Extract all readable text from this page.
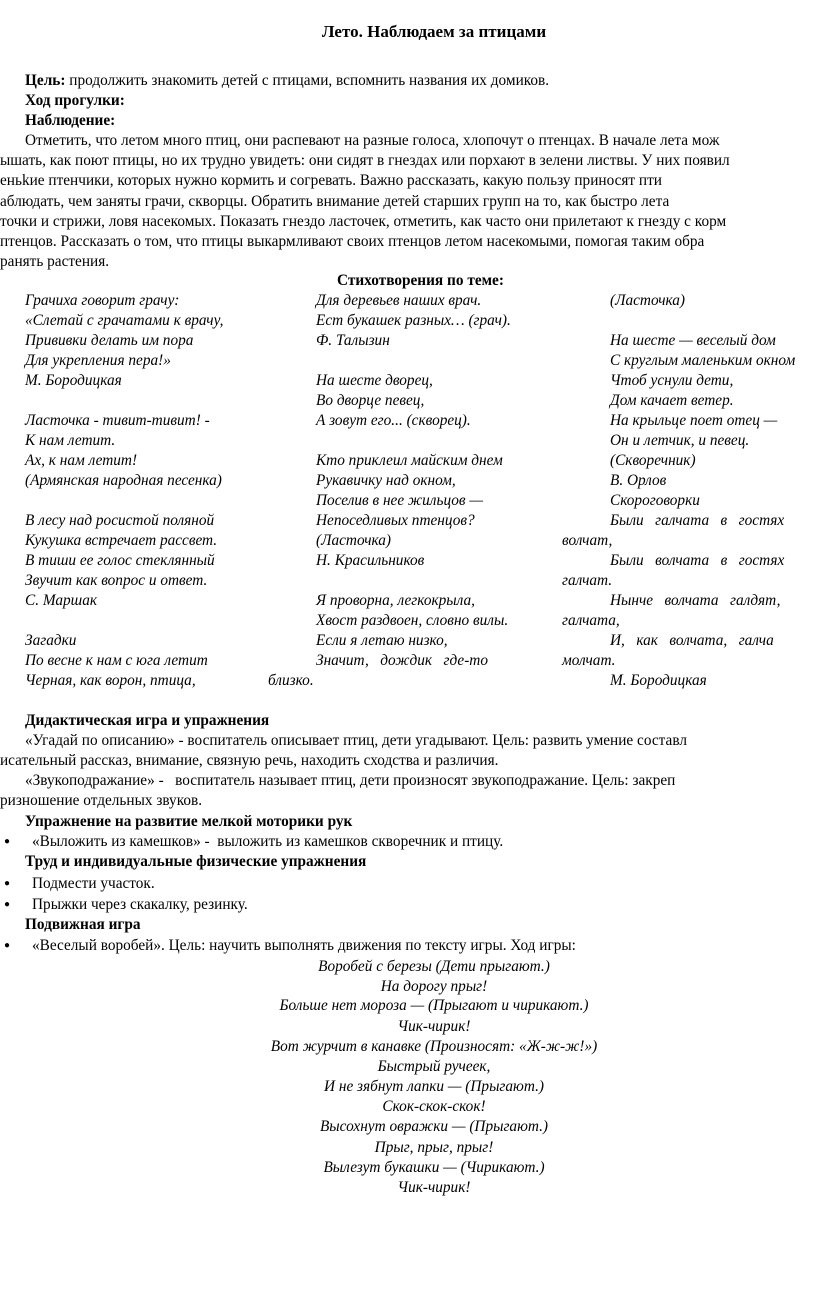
Лето. Наблюдаем за птицами
Цель: продолжить знакомить детей с птицами, вспомнить названия их домиков.
Ход прогулки:
Наблюдение:
Отметить, что летом много птиц, они распевают на разные голоса, хлопочут о птенцах. В начале лета мож
ышать, как поют птицы, но их трудно увидеть: они сидят в гнездах или порхают в зелени листвы. У них появил
еньkие птенчики, которых нужно кормить и согревать. Важно рассказать, какую пользу приносят пти
аблюдать, чем заняты грачи, скворцы. Обратить внимание детей старших групп на то, как быстро лета
точки и стрижи, ловя насекомых. Показать гнездо ласточек, отметить, как часто они прилетают к гнезду с корм
птенцов. Рассказать о том, что птицы выкармливают своих птенцов летом насекомыми, помогая таким обра
ранять растения.
Стихотворения по теме:
Грачиха говорит грачу:
«Слетай с грачатами к врачу,
Прививки делать им пора
Для укрепления пера!»
М. Бородицкая
Ласточка - тивит-тивит! -
К нам летит.
Ах, к нам летит!
(Армянская народная песенка)
В лесу над росистой поляной
Кукушка встречает рассвет.
В тиши ее голос стеклянный
Звучит как вопрос и ответ.
С. Маршак
Загадки
По весне к нам с юга летит
Черная, как ворон, птица,
Для деревьев наших врач.
Ест букашек разных… (грач).
Ф. Талызин
На шесте дворец,
Во дворце певец,
А зовут его... (скворец).
Кто приклеил майским днем
Рукавичку над окном,
Поселив в нее жильцов —
Непоседливых птенцов?
(Ласточка)
Н. Красильников
Я проворна, легкокрыла,
Хвост раздвоен, словно вилы.
Если я летаю низко,
Значит,   дождик   где-то
близко.
(Ласточка)
На шесте — веселый дом
С круглым маленьким окном
Чтоб уснули дети,
Дом качает ветер.
На крыльце поет отец —
Он и летчик, и певец.
(Скворечник)
В. Орлов
Скороговорки
Были   галчата   в   гостях
волчат,
Были   волчата   в   гостях
галчат.
Нынче   волчата   галдят,
галчата,
И,   как   волчата,   галча
молчат.
М. Бородицкая
Дидактическая игра и упражнения
«Угадай по описанию» - воспитатель описывает птиц, дети угадывают. Цель: развить умение составл
исательный рассказ, внимание, связную речь, находить сходства и различия.
«Звукоподражание» -   воспитатель называет птиц, дети произносят звукоподражание. Цель: закреп
ризношение отдельных звуков.
Упражнение на развитие мелкой моторики рук
● «Выложить из камешков» -  выложить из камешков скворечник и птицу.
Труд и индивидуальные физические упражнения
● Подмести участок.
● Прыжки через скакалку, резинку.
Подвижная игра
● «Веселый воробей». Цель: научить выполнять движения по тексту игры. Ход игры:
Воробей с березы (Дети прыгают.)
На дорогу прыг!
Больше нет мороза — (Прыгают и чирикают.)
Чик-чирик!
Вот журчит в канавке (Произносят: «Ж-ж-ж!»)
Быстрый ручеек,
И не зябнут лапки — (Прыгают.)
Скок-скок-скок!
Высохнут овражки — (Прыгают.)
Прыг, прыг, прыг!
Вылезут букашки — (Чирикают.)
Чик-чирик!
